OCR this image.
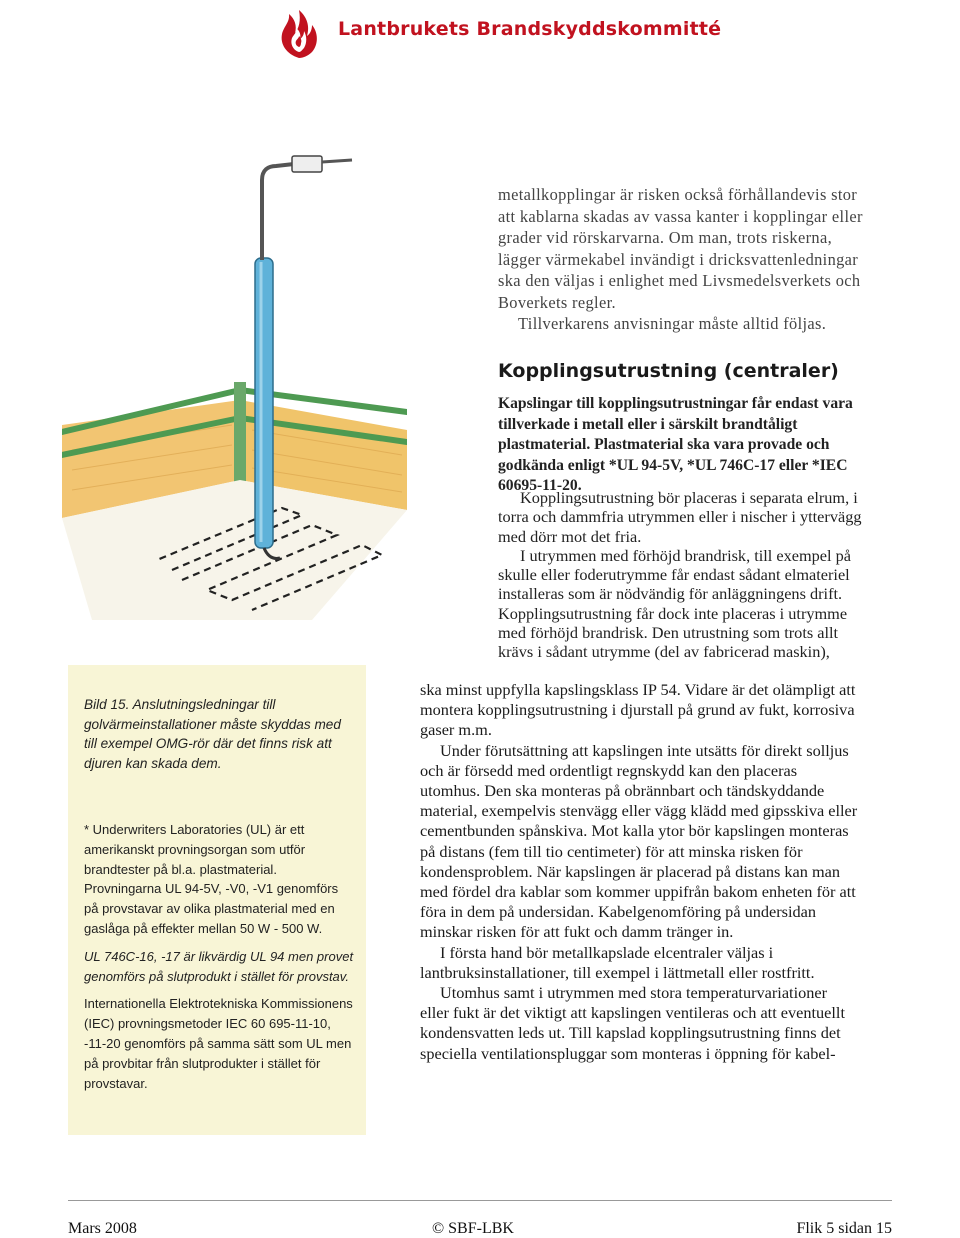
Lantbrukets Brandskyddskommitté
Bild 15. Anslutningsledningar till golvärmeinstallationer måste skyddas med till exempel OMG-rör där det finns risk att djuren kan skada dem.

* Underwriters Laboratories (UL) är ett amerikanskt provningsorgan som utför brandtester på bl.a. plastmaterial. Provningarna UL 94-5V, -V0, -V1 genomförs på provstavar av olika plastmaterial med en gaslåga på effekter mellan 50 W - 500 W.

UL 746C-16, -17 är likvärdig UL 94 men provet genomförs på slutprodukt i stället för provstav.

Internationella Elektrotekniska Kommissionens (IEC) provningsmetoder IEC 60 695-11-10, -11-20 genomförs på samma sätt som UL men på provbitar från slutprodukter i stället för provstavar.

metallkopplingar är risken också förhållandevis stor att kablarna skadas av vassa kanter i kopplingar eller grader vid rörskarvarna. Om man, trots riskerna, lägger värmekabel invändigt i dricksvattenledningar ska den väljas i enlighet med Livsmedelsverkets och Boverkets regler.

Tillverkarens anvisningar måste alltid följas.

Kopplingsutrustning (centraler)

Kapslingar till kopplingsutrustningar får endast vara tillverkade i metall eller i särskilt brandtåligt plastmaterial. Plastmaterial ska vara provade och godkända enligt *UL 94-5V, *UL 746C-17 eller *IEC 60695-11-20.

Kopplingsutrustning bör placeras i separata elrum, i torra och dammfria utrymmen eller i nischer i yttervägg med dörr mot det fria.

I utrymmen med förhöjd brandrisk, till exempel på skulle eller foderutrymme får endast sådant elmateriel installeras som är nödvändig för anläggningens drift. Kopplingsutrustning får dock inte placeras i utrymme med förhöjd brandrisk. Den utrustning som trots allt krävs i sådant utrymme (del av fabricerad maskin),

ska minst uppfylla kapslingsklass IP 54. Vidare är det olämpligt att montera kopplingsutrustning i djurstall på grund av fukt, korrosiva gaser m.m.

Under förutsättning att kapslingen inte utsätts för direkt solljus och är försedd med ordentligt regnskydd kan den placeras utomhus. Den ska monteras på obrännbart och tändskyddande material, exempelvis stenvägg eller vägg klädd med gipsskiva eller cementbunden spånskiva. Mot kalla ytor bör kapslingen monteras på distans (fem till tio centimeter) för att minska risken för kondensproblem. När kapslingen är placerad på distans kan man med fördel dra kablar som kommer uppifrån bakom enheten för att föra in dem på undersidan. Kabelgenomföring på undersidan minskar risken för att fukt och damm tränger in.

I första hand bör metallkapslade elcentraler väljas i lantbruksinstallationer, till exempel i lättmetall eller rostfritt.

Utomhus samt i utrymmen med stora temperaturvariationer eller fukt är det viktigt att kapslingen ventileras och att eventuellt kondensvatten leds ut. Till kapslad kopplingsutrustning finns det speciella ventilationspluggar som monteras i öppning för kabel-

Mars 2008	© SBF-LBK	Flik 5 sidan 15
